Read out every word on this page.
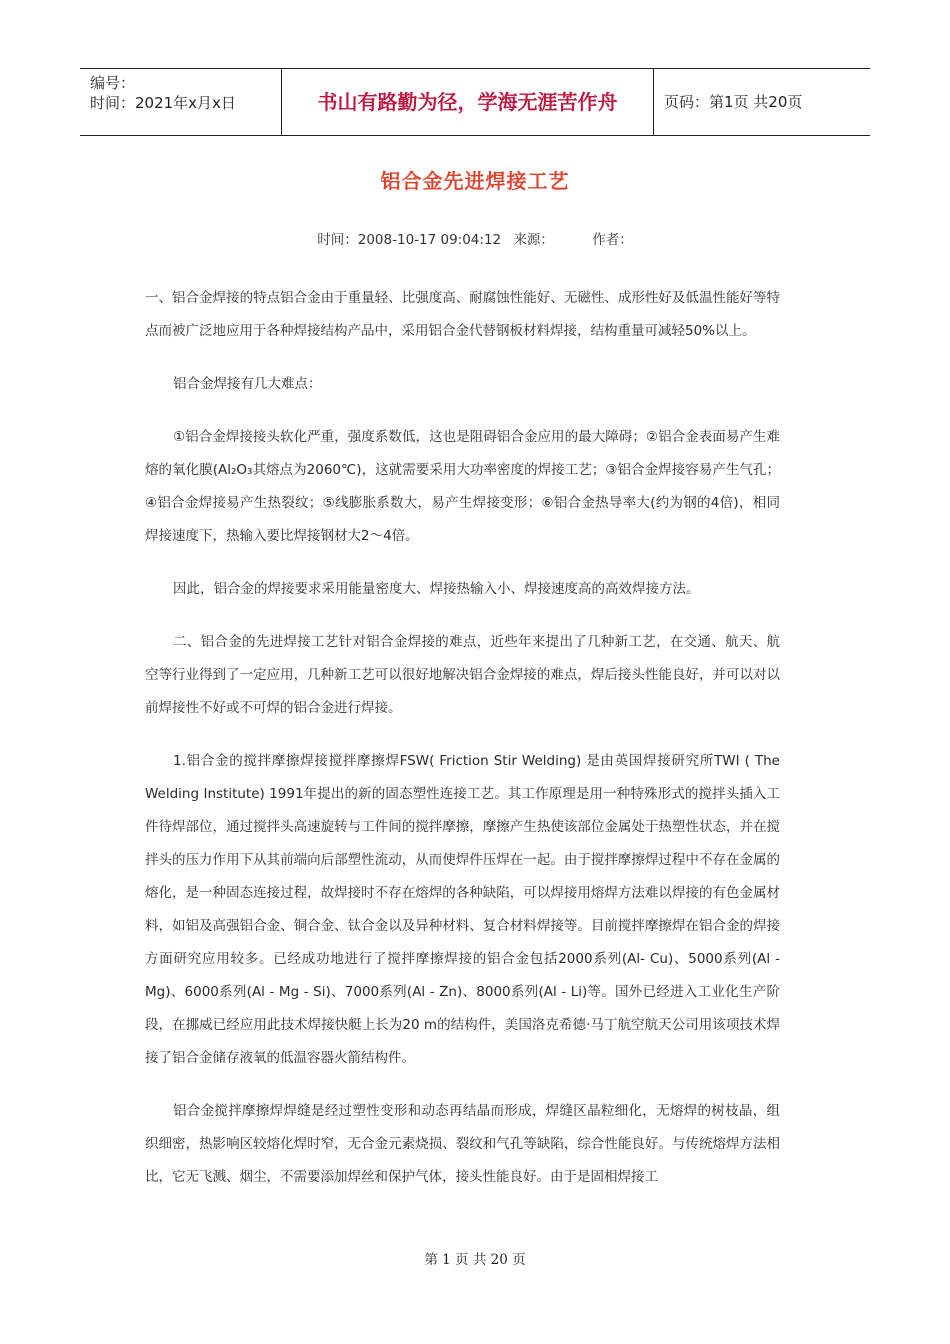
编号：
时间：2021年x月x日	书山有路勤为径，学海无涯苦作舟	页码：第1页 共20页
铝合金先进焊接工艺
时间：2008-10-17 09:04:12 来源：	作者：

一、铝合金焊接的特点铝合金由于重量轻、比强度高、耐腐蚀性能好、无磁性、成形性好及低温性能好等特点而被广泛地应用于各种焊接结构产品中，采用铝合金代替钢板材料焊接，结构重量可减轻50%以上。

铝合金焊接有几大难点：

①铝合金焊接接头软化严重，强度系数低，这也是阻碍铝合金应用的最大障碍；②铝合金表面易产生难熔的氧化膜(Al₂O₃其熔点为2060℃)，这就需要采用大功率密度的焊接工艺；③铝合金焊接容易产生气孔；④铝合金焊接易产生热裂纹；⑤线膨胀系数大，易产生焊接变形；⑥铝合金热导率大(约为钢的4倍)，相同焊接速度下，热输入要比焊接钢材大2～4倍。

因此，铝合金的焊接要求采用能量密度大、焊接热输入小、焊接速度高的高效焊接方法。

二、铝合金的先进焊接工艺针对铝合金焊接的难点，近些年来提出了几种新工艺，在交通、航天、航空等行业得到了一定应用，几种新工艺可以很好地解决铝合金焊接的难点，焊后接头性能良好，并可以对以前焊接性不好或不可焊的铝合金进行焊接。

1.铝合金的搅拌摩擦焊接搅拌摩擦焊FSW( Friction Stir Welding) 是由英国焊接研究所TWI ( The Welding Institute) 1991年提出的新的固态塑性连接工艺。其工作原理是用一种特殊形式的搅拌头插入工件待焊部位，通过搅拌头高速旋转与工件间的搅拌摩擦，摩擦产生热使该部位金属处于热塑性状态，并在搅拌头的压力作用下从其前端向后部塑性流动，从而使焊件压焊在一起。由于搅拌摩擦焊过程中不存在金属的熔化，是一种固态连接过程，故焊接时不存在熔焊的各种缺陷，可以焊接用熔焊方法难以焊接的有色金属材料，如铝及高强铝合金、铜合金、钛合金以及异种材料、复合材料焊接等。目前搅拌摩擦焊在铝合金的焊接方面研究应用较多。已经成功地进行了搅拌摩擦焊接的铝合金包括2000系列(Al- Cu)、5000系列(Al -Mg)、6000系列(Al - Mg - Si)、7000系列(Al - Zn)、8000系列(Al - Li)等。国外已经进入工业化生产阶段，在挪威已经应用此技术焊接快艇上长为20 m的结构件，美国洛克希德·马丁航空航天公司用该项技术焊接了铝合金储存液氧的低温容器火箭结构件。

铝合金搅拌摩擦焊焊缝是经过塑性变形和动态再结晶而形成，焊缝区晶粒细化，无熔焊的树枝晶，组织细密，热影响区较熔化焊时窄，无合金元素烧损、裂纹和气孔等缺陷，综合性能良好。与传统熔焊方法相比，它无飞溅、烟尘，不需要添加焊丝和保护气体，接头性能良好。由于是固相焊接工

第 1 页 共 20 页
